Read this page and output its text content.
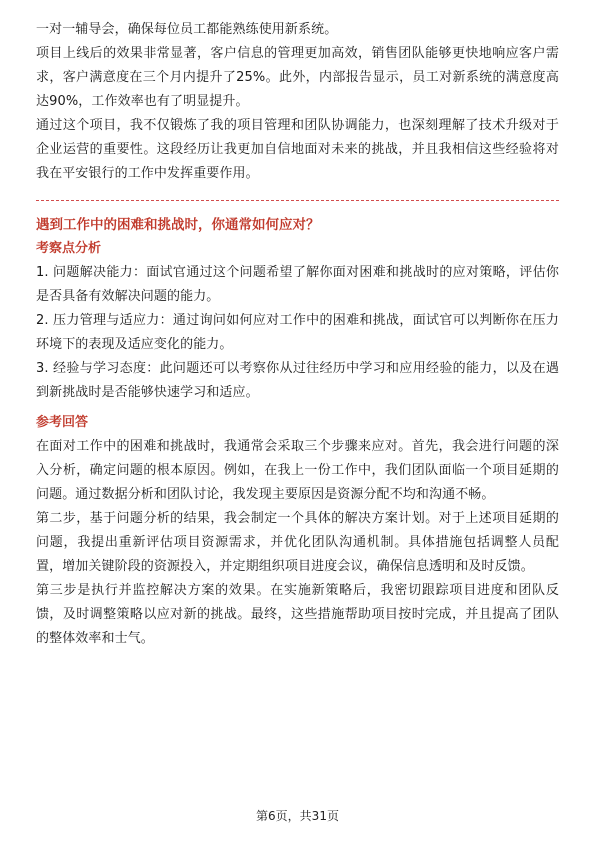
一对一辅导会，确保每位员工都能熟练使用新系统。

项目上线后的效果非常显著，客户信息的管理更加高效，销售团队能够更快地响应客户需求，客户满意度在三个月内提升了25%。此外，内部报告显示，员工对新系统的满意度高达90%，工作效率也有了明显提升。

通过这个项目，我不仅锻炼了我的项目管理和团队协调能力，也深刻理解了技术升级对于企业运营的重要性。这段经历让我更加自信地面对未来的挑战，并且我相信这些经验将对我在平安银行的工作中发挥重要作用。

遇到工作中的困难和挑战时，你通常如何应对？

考察点分析

1. 问题解决能力：面试官通过这个问题希望了解你面对困难和挑战时的应对策略，评估你是否具备有效解决问题的能力。

2. 压力管理与适应力：通过询问如何应对工作中的困难和挑战，面试官可以判断你在压力环境下的表现及适应变化的能力。

3. 经验与学习态度：此问题还可以考察你从过往经历中学习和应用经验的能力，以及在遇到新挑战时是否能够快速学习和适应。

参考回答

在面对工作中的困难和挑战时，我通常会采取三个步骤来应对。首先，我会进行问题的深入分析，确定问题的根本原因。例如，在我上一份工作中，我们团队面临一个项目延期的问题。通过数据分析和团队讨论，我发现主要原因是资源分配不均和沟通不畅。

第二步，基于问题分析的结果，我会制定一个具体的解决方案计划。对于上述项目延期的问题，我提出重新评估项目资源需求，并优化团队沟通机制。具体措施包括调整人员配置，增加关键阶段的资源投入，并定期组织项目进度会议，确保信息透明和及时反馈。

第三步是执行并监控解决方案的效果。在实施新策略后，我密切跟踪项目进度和团队反馈，及时调整策略以应对新的挑战。最终，这些措施帮助项目按时完成，并且提高了团队的整体效率和士气。

第6页，共31页
